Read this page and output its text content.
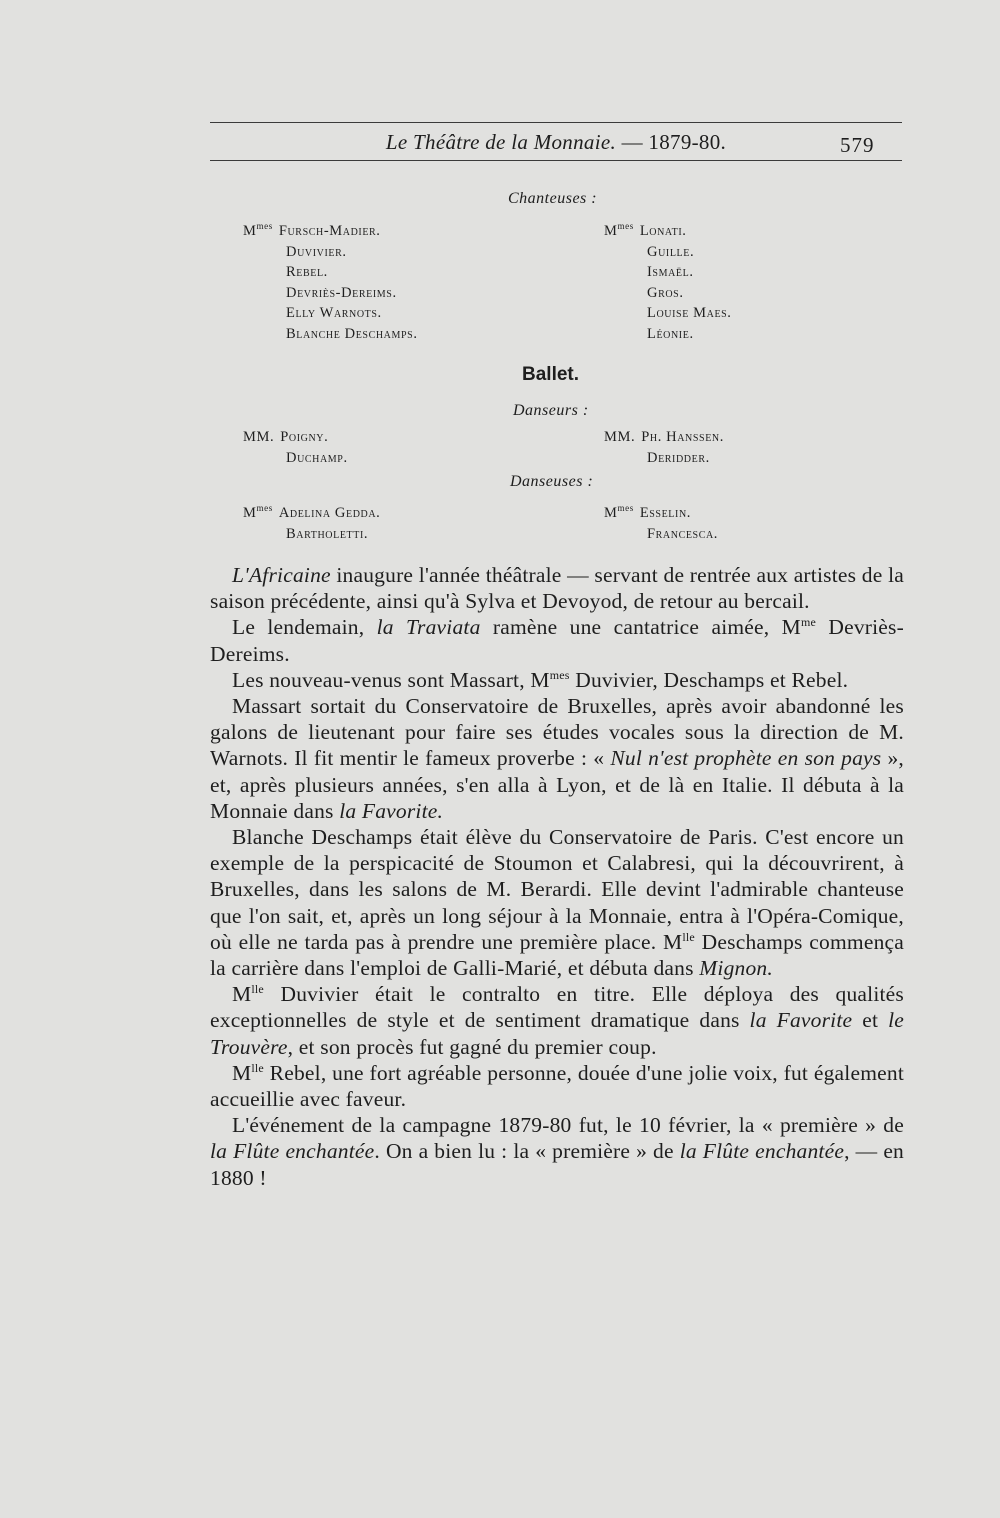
Le Théâtre de la Monnaie. — 1879-80.	579
Chanteuses :
$M^{mes}$ Fursch-Madier.
Duvivier.
Rebel.
Devriès-Dereims.
Elly Warnots.
Blanche Deschamps.
$M^{mes}$ Lonati.
Guille.
Ismaël.
Gros.
Louise Maes.
Léonie.
Ballet.
Danseurs :
MM. Poigny.
Duchamp.
MM. Ph. Hanssen.
Deridder.
Danseuses :
$M^{mes}$ Adelina Gedda.
Bartholetti.
$M^{mes}$ Esselin.
Francesca.

L'Africaine inaugure l'année théâtrale — servant de rentrée aux artistes de la saison précédente, ainsi qu'à Sylva et Devoyod, de retour au bercail.

Le lendemain, la Traviata ramène une cantatrice aimée, $M^{me}$ Devriès-Dereims.

Les nouveau-venus sont Massart, $M^{mes}$ Duvivier, Deschamps et Rebel.

Massart sortait du Conservatoire de Bruxelles, après avoir abandonné les galons de lieutenant pour faire ses études vocales sous la direction de M. Warnots. Il fit mentir le fameux proverbe : « Nul n'est prophète en son pays », et, après plusieurs années, s'en alla à Lyon, et de là en Italie. Il débuta à la Monnaie dans la Favorite.

Blanche Deschamps était élève du Conservatoire de Paris. C'est encore un exemple de la perspicacité de Stoumon et Calabresi, qui la découvrirent, à Bruxelles, dans les salons de M. Berardi. Elle devint l'admirable chanteuse que l'on sait, et, après un long séjour à la Monnaie, entra à l'Opéra-Comique, où elle ne tarda pas à prendre une première place. $M^{lle}$ Deschamps commença la carrière dans l'emploi de Galli-Marié, et débuta dans Mignon.

$M^{lle}$ Duvivier était le contralto en titre. Elle déploya des qualités exceptionnelles de style et de sentiment dramatique dans la Favorite et le Trouvère, et son procès fut gagné du premier coup.

$M^{lle}$ Rebel, une fort agréable personne, douée d'une jolie voix, fut également accueillie avec faveur.

L'événement de la campagne 1879-80 fut, le 10 février, la « première » de la Flûte enchantée. On a bien lu : la « première » de la Flûte enchantée, — en 1880 !
